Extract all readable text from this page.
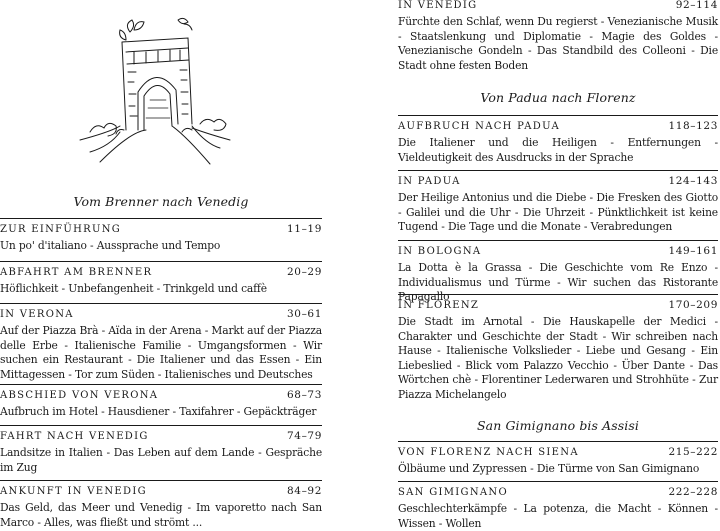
Vom Brenner nach Venedig
ZUR EINFÜHRUNG	11–19
Un po' d'italiano - Aussprache und Tempo
ABFAHRT AM BRENNER	20–29
Höflichkeit - Unbefangenheit - Trinkgeld und caffè
IN VERONA	30–61
Auf der Piazza Brà - Aïda in der Arena - Markt auf der Piazza delle Erbe - Italienische Familie - Umgangsformen - Wir suchen ein Restaurant - Die Italiener und das Essen - Ein Mittagessen - Tor zum Süden - Italienisches und Deutsches
ABSCHIED VON VERONA	68–73
Aufbruch im Hotel - Hausdiener - Taxifahrer - Gepäckträger
FAHRT NACH VENEDIG	74–79
Landsitze in Italien - Das Leben auf dem Lande - Gespräche im Zug
ANKUNFT IN VENEDIG	84–92
Das Geld, das Meer und Venedig - Im vaporetto nach San Marco - Alles, was fließt und strömt ...
IN VENEDIG	92–114
Fürchte den Schlaf, wenn Du regierst - Venezianische Musik - Staatslenkung und Diplomatie - Magie des Goldes - Venezianische Gondeln - Das Standbild des Colleoni - Die Stadt ohne festen Boden
Von Padua nach Florenz
AUFBRUCH NACH PADUA	118–123
Die Italiener und die Heiligen - Entfernungen - Vieldeutigkeit des Ausdrucks in der Sprache
IN PADUA	124–143
Der Heilige Antonius und die Diebe - Die Fresken des Giotto - Galilei und die Uhr - Die Uhrzeit - Pünktlichkeit ist keine Tugend - Die Tage und die Monate - Verabredungen
IN BOLOGNA	149–161
La Dotta è la Grassa - Die Geschichte vom Re Enzo - Individualismus und Türme - Wir suchen das Ristorante Papagallo
IN FLORENZ	170–209
Die Stadt im Arnotal - Die Hauskapelle der Medici - Charakter und Geschichte der Stadt - Wir schreiben nach Hause - Italienische Volkslieder - Liebe und Gesang - Ein Liebeslied - Blick vom Palazzo Vecchio - Über Dante - Das Wörtchen chè - Florentiner Lederwaren und Strohhüte - Zur Piazza Michelangelo
San Gimignano bis Assisi
VON FLORENZ NACH SIENA	215–222
Ölbäume und Zypressen - Die Türme von San Gimignano
SAN GIMIGNANO	222–228
Geschlechterkämpfe - La potenza, die Macht - Können - Wissen - Wollen
